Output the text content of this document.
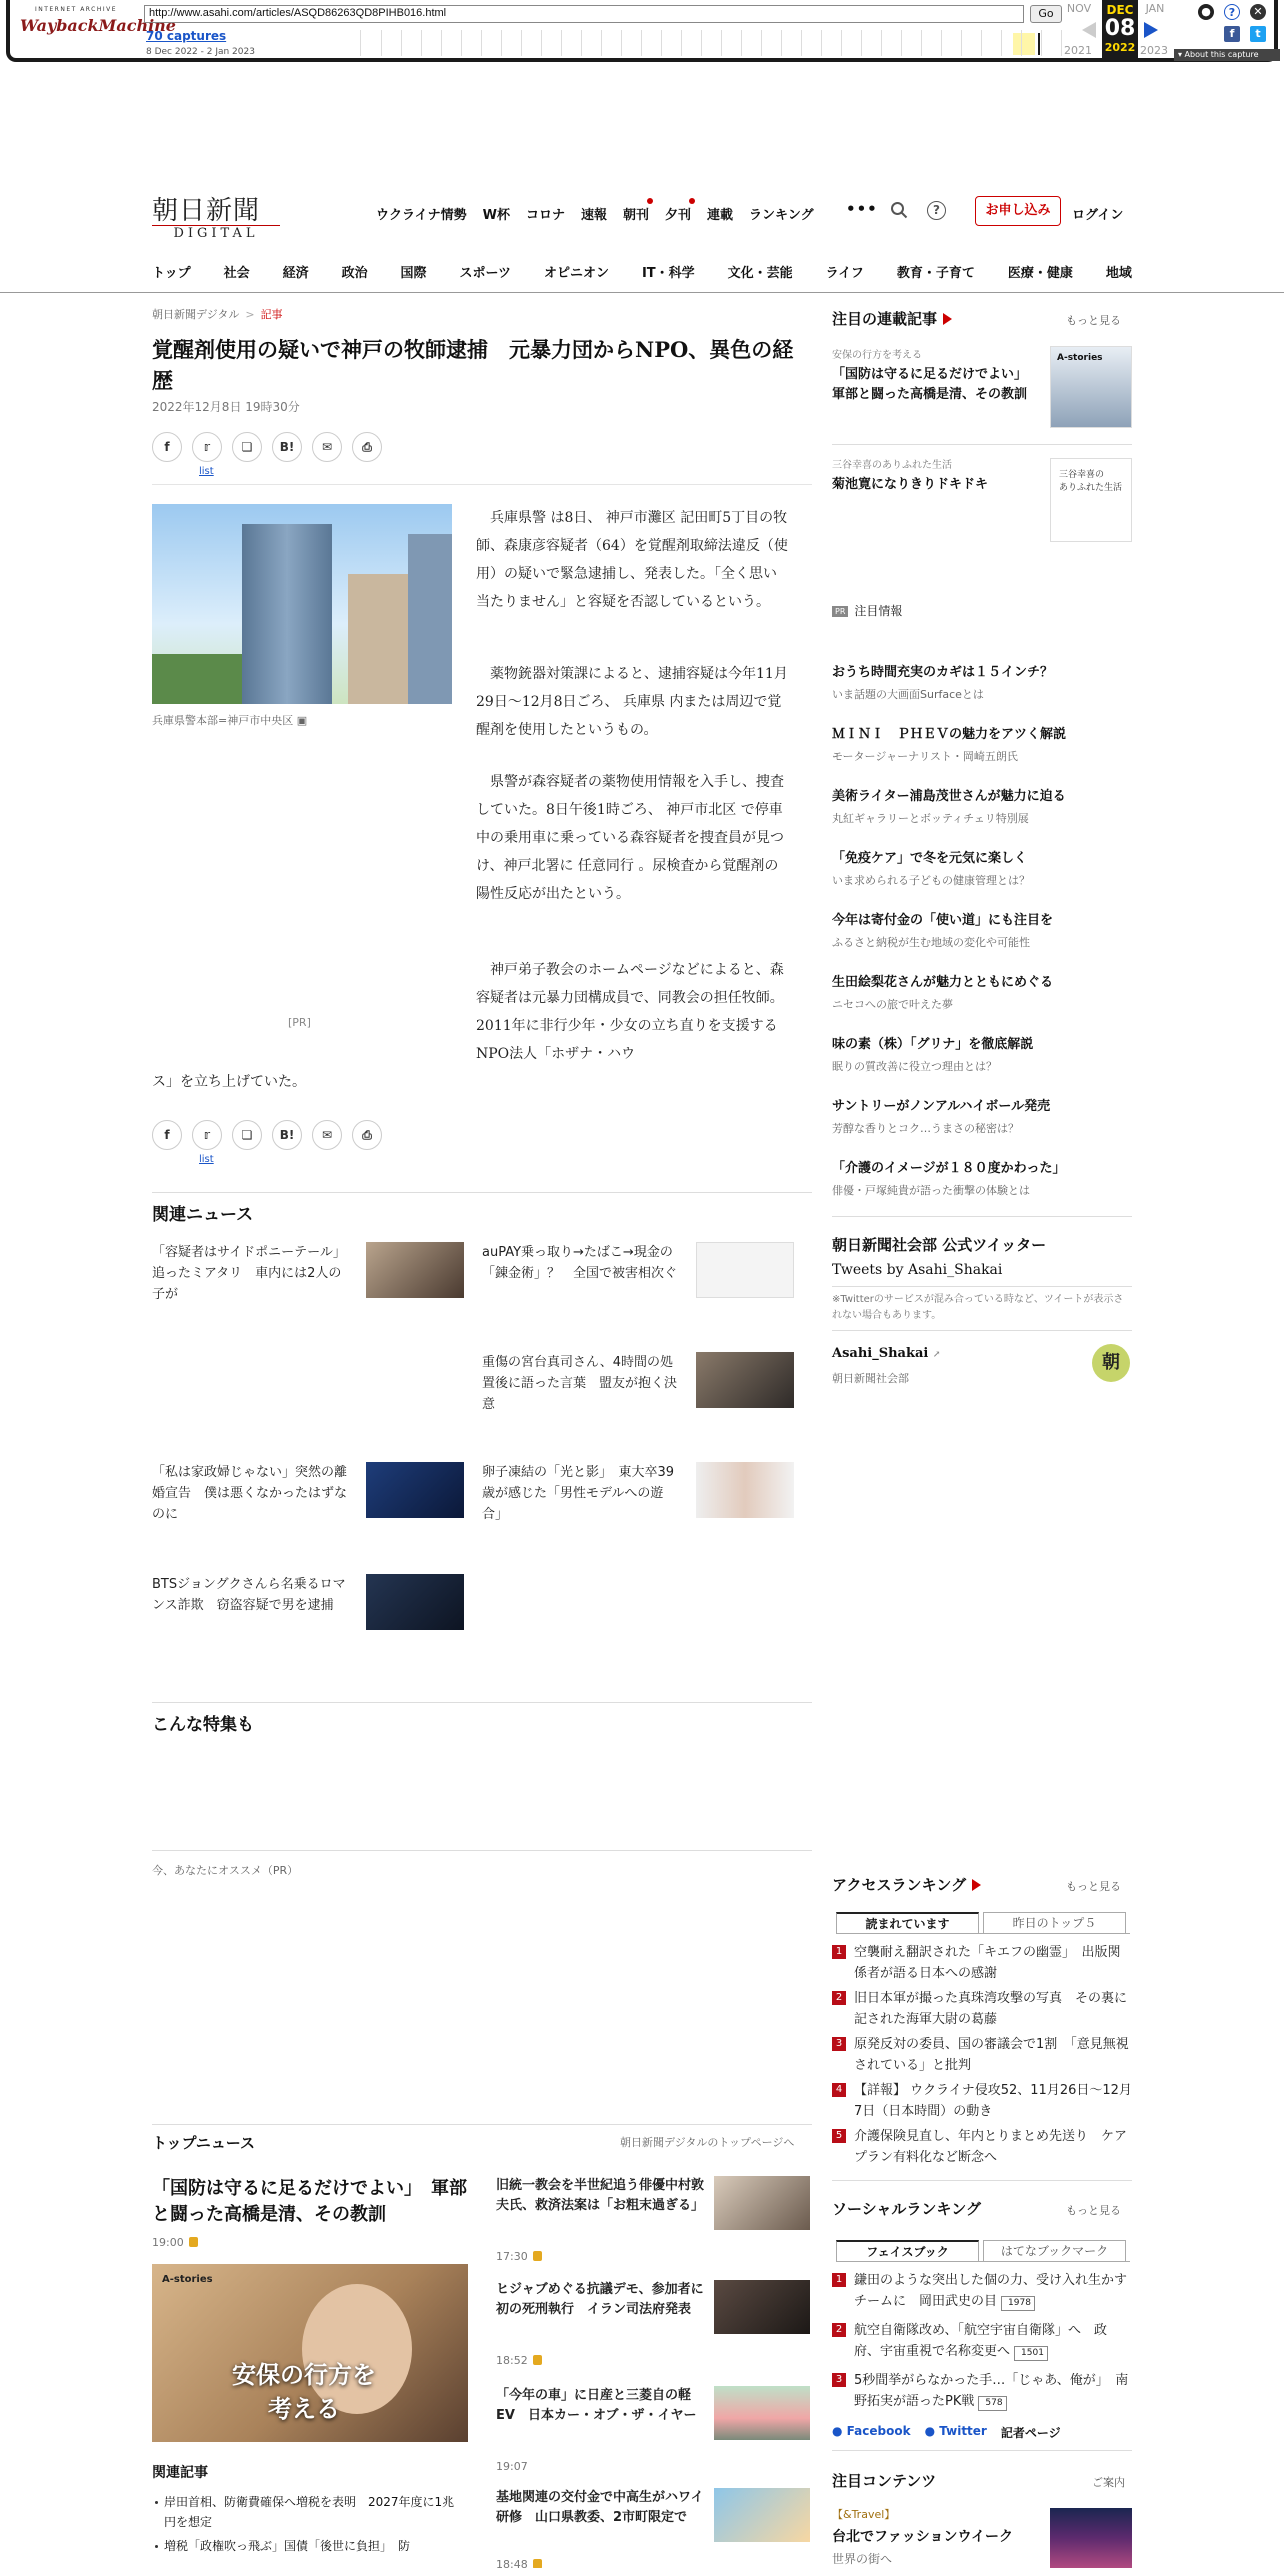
INTERNET ARCHIVE
WaybackMachine
http://www.asahi.com/articles/ASQD86263QD8PIHB016.html	Go
70 captures
8 Dec 2022 - 2 Jan 2023
NOV	JAN
DEC
08
2022
2021	2023
●	?	✕
f	t
▾ About this capture
朝日新聞
DIGITAL
ウクライナ情勢 W杯 コロナ 速報 朝刊 夕刊 連載 ランキング •••	?	お申し込み	ログイン
トップ	社会	経済	政治	国際	スポーツ	オピニオン	IT・科学	文化・芸能	ライフ	教育・子育て	医療・健康	地域
朝日新聞デジタル > 記事
覚醒剤使用の疑いで神戸の牧師逮捕　元暴力団からNPO、異色の経歴
2022年12月8日 19時30分
f	𝕣	❏	B!	✉	⎙
list
兵庫県警本部=神戸市中央区 ▣
[PR]

　兵庫県警 は8日、 神戸市灘区 記田町5丁目の牧師、森康彦容疑者（64）を覚醒剤取締法違反（使用）の疑いで緊急逮捕し、発表した。「全く思い当たりません」と容疑を否認しているという。

　薬物銃器対策課によると、逮捕容疑は今年11月29日～12月8日ごろ、 兵庫県 内または周辺で覚醒剤を使用したというもの。

　県警が森容疑者の薬物使用情報を入手し、捜査していた。8日午後1時ごろ、 神戸市北区 で停車中の乗用車に乗っている森容疑者を捜査員が見つけ、神戸北署に 任意同行 。尿検査から覚醒剤の陽性反応が出たという。

　神戸弟子教会のホームページなどによると、森容疑者は元暴力団構成員で、同教会の担任牧師。2011年に非行少年・少女の立ち直りを支援するNPO法人「ホザナ・ハウ

ス」を立ち上げていた。

f	𝕣	❏	B!	✉	⎙
list
関連ニュース
「容疑者はサイドポニーテール」追ったミアタリ　車内には2人の子が
auPAY乗っ取り→たばこ→現金の「錬金術」？　全国で被害相次ぐ
重傷の宮台真司さん、4時間の処置後に語った言葉　盟友が抱く決意
「私は家政婦じゃない」突然の離婚宣告　僕は悪くなかったはずなのに
卵子凍結の「光と影」　東大卒39歳が感じた「男性モデルへの遊合」
BTSジョングクさんら名乗るロマンス詐欺　窃盗容疑で男を逮捕
こんな特集も
今、あなたにオススメ（PR）
トップニュース	朝日新聞デジタルのトップページへ
「国防は守るに足るだけでよい」　軍部と闘った高橋是清、その教訓
19:00
A-stories
安保の行方を
考える
関連記事
岸田首相、防衛費確保へ増税を表明　2027年度に1兆円を想定
増税「政権吹っ飛ぶ」国債「後世に負担」　防
旧統一教会を半世紀追う俳優中村敦夫氏、救済法案は「お粗末過ぎる」
17:30
ヒジャブめぐる抗議デモ、参加者に初の死刑執行　イラン司法府発表
18:52
「今年の車」に日産と三菱自の軽EV　日本カー・オブ・ザ・イヤー
19:07
基地関連の交付金で中高生がハワイ研修　山口県教委、2市町限定で
18:48
注目の連載記事	もっと見る
安保の行方を考える
「国防は守るに足るだけでよい」　軍部と闘った高橋是清、その教訓
A-stories
三谷幸喜のありふれた生活
菊池寛になりきりドキドキ
三谷幸喜の
ありふれた生活
PR 注目情報
おうち時間充実のカギは１５インチ？
いま話題の大画面Surfaceとは
ＭＩＮＩ　ＰＨＥＶの魅力をアツく解説
モータージャーナリスト・岡崎五朗氏
美術ライター浦島茂世さんが魅力に迫る
丸紅ギャラリーとボッティチェリ特別展
「免疫ケア」で冬を元気に楽しく
いま求められる子どもの健康管理とは？
今年は寄付金の「使い道」にも注目を
ふるさと納税が生む地域の変化や可能性
生田絵梨花さんが魅力とともにめぐる
ニセコへの旅で叶えた夢
味の素（株）「グリナ」を徹底解説
眠りの質改善に役立つ理由とは？
サントリーがノンアルハイボール発売
芳醇な香りとコク…うまさの秘密は？
「介護のイメージが１８０度かわった」
俳優・戸塚純貴が語った衝撃の体験とは
朝日新聞社会部 公式ツイッター
Tweets by Asahi_Shakai
※Twitterのサービスが混み合っている時など、ツイートが表示されない場合もあります。
Asahi_Shakai ↗
朝日新聞社会部
朝
アクセスランキング	もっと見る
読まれています	昨日のトップ５
1 空襲耐え翻訳された「キエフの幽霊」　出版関係者が語る日本への感謝
2 旧日本軍が撮った真珠湾攻撃の写真　その裏に記された海軍大尉の葛藤
3 原発反対の委員、国の審議会で1割　「意見無視されている」と批判
4 【詳報】 ウクライナ侵攻52、11月26日～12月7日（日本時間）の動き
5 介護保険見直し、年内とりまとめ先送り　ケアプラン有料化など断念へ
ソーシャルランキング	もっと見る
フェイスブック	はてなブックマーク
1 鎌田のような突出した個の力、受け入れ生かすチームに　岡田武史の目 1978
2 航空自衛隊改め、「航空宇宙自衛隊」へ　政府、宇宙重視で名称変更へ 1501
3 5秒間挙がらなかった手…「じゃあ、俺が」　南野拓実が語ったPK戦 578
● Facebook ● Twitter 記者ページ
注目コンテンツ	ご案内
【&Travel】
台北でファッションウイーク
世界の街へ
